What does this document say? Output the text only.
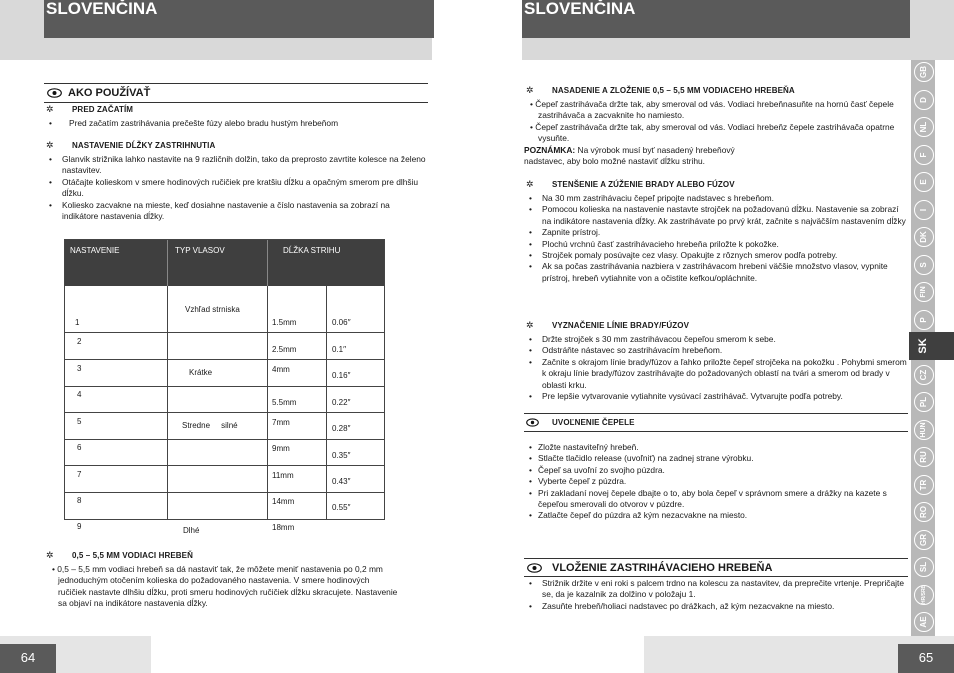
SLOVENČINA
AKO POUŽÍVAŤ
✲ PRED ZAČATÍM
• Pred začatím zastrihávania prečešte fúzy alebo bradu hustým hrebeňom
✲ NASTAVENIE DĹŽKY ZASTRIHNUTIA
• Glanvik strižnika lahko nastavite na 9 različnih dolžin, tako da preprosto zavrtite kolesce na želeno nastavitev.
• Otáčajte kolieskom v smere hodinových ručičiek pre kratšiu dĺžku a opačným smerom pre dlhšiu dĺžku.
• Koliesko zacvakne na mieste, keď dosiahne nastavenie a číslo nastavenia sa zobrazí na indikátore nastavenia dĺžky.
NASTAVENIE	TYP VLASOV	DĹŽKA STRIHU
1
2
3
4
5
6
7
8
9
Vzhľad strniska
Krátke
Stredne     silné
Dlhé
1.5mm
2.5mm
4mm
5.5mm
7mm
9mm
11mm
14mm
18mm
0.06′′
0.1′′
0.16″
0.22″
0.28″
0.35″
0.43″
0.55″
✲ 0,5 – 5,5 MM VODIACI HREBEŇ
• 0,5 – 5,5 mm vodiaci hrebeň sa dá nastaviť tak, že môžete meniť nastavenia po 0,2 mm jednoduchým otočením kolieska do požadovaného nastavenia. V smere hodinových ručičiek nastavte dlhšiu dĺžku, proti smeru hodinových ručičiek dĺžku skracujete. Nastavenie sa objaví na indikátore nastavenia dĺžky.
64
SLOVENČINA
✲ NASADENIE A ZLOŽENIE 0,5 – 5,5 MM VODIACEHO HREBEŇA
• Čepeľ zastrihávača držte tak, aby smeroval od vás. Vodiaci hrebeňnasuňte na hornú časť čepele zastrihávača a zacvaknite ho namiesto.
• Čepeľ zastrihávača držte tak, aby smeroval od vás. Vodiaci hrebeňz čepele zastrihávača opatrne vysuňte.
POZNÁMKA: Na výrobok musí byť nasadený hrebeňový nadstavec, aby bolo možné nastaviť dĺžku strihu.
✲ STENŠENIE A ZÚŽENIE BRADY ALEBO FÚZOV
• Na 30 mm zastrihávaciu čepeľ pripojte nadstavec s hrebeňom.
• Pomocou kolieska na nastavenie nastavte strojček na požadovanú dĺžku. Nastavenie sa zobrazí na indikátore nastavenia dĺžky. Ak zastrihávate po prvý krát, začnite s najväčším nastavením dĺžky
• Zapnite prístroj.
• Plochú vrchnú časť zastrihávacieho hrebeňa priložte k pokožke.
• Strojček pomaly posúvajte cez vlasy. Opakujte z rôznych smerov podľa potreby.
• Ak sa počas zastrihávania nazbiera v zastrihávacom hrebeni väčšie množstvo vlasov, vypnite prístroj, hrebeň vytiahnite von a očistite kefkou/opláchnite.
✲ VYZNAČENIE LÍNIE BRADY/FÚZOV
• Držte strojček s 30 mm zastrihávacou čepeľou smerom k sebe.
• Odstráňte nástavec so zastrihávacím hrebeňom.
• Začnite s okrajom línie brady/fúzov a ľahko priložte čepeľ strojčeka na pokožku . Pohybmi smerom k okraju línie brady/fúzov zastrihávajte do požadovaných oblastí na tvári a smerom od brady v oblasti krku.
• Pre lepšie vytvarovanie vytiahnite vysúvací zastrihávač. Vytvarujte podľa potreby.
UVOĽNENIE ČEPELE
• Zložte nastaviteľný hrebeň.
• Stlačte tlačidlo release (uvoľniť) na zadnej strane výrobku.
• Čepeľ sa uvoľní zo svojho púzdra.
• Vyberte čepeľ z púzdra.
• Pri zakladaní novej čepele dbajte o to, aby bola čepeľ v správnom smere a drážky na kazete s čepeľou smerovali do otvorov v púzdre.
• Zatlačte čepeľ do púzdra až kým nezacvakne na miesto.
VLOŽENIE ZASTRIHÁVACIEHO HREBEŇA
• Strižnik držite v eni roki s palcem trdno na kolescu za nastavitev, da preprečite vrtenje. Prepričajte se, da je kazalnik za dolžino v položaju 1.
• Zasuňte hrebeň/holiaci nadstavec po drážkach, až kým nezacvakne na miesto.
GB
D
NL
F
E
I
DK
S
FIN
P
SK
CZ
PL
HUN
RU
TR
RO
GR
SL
HR/SRB
AE
65
